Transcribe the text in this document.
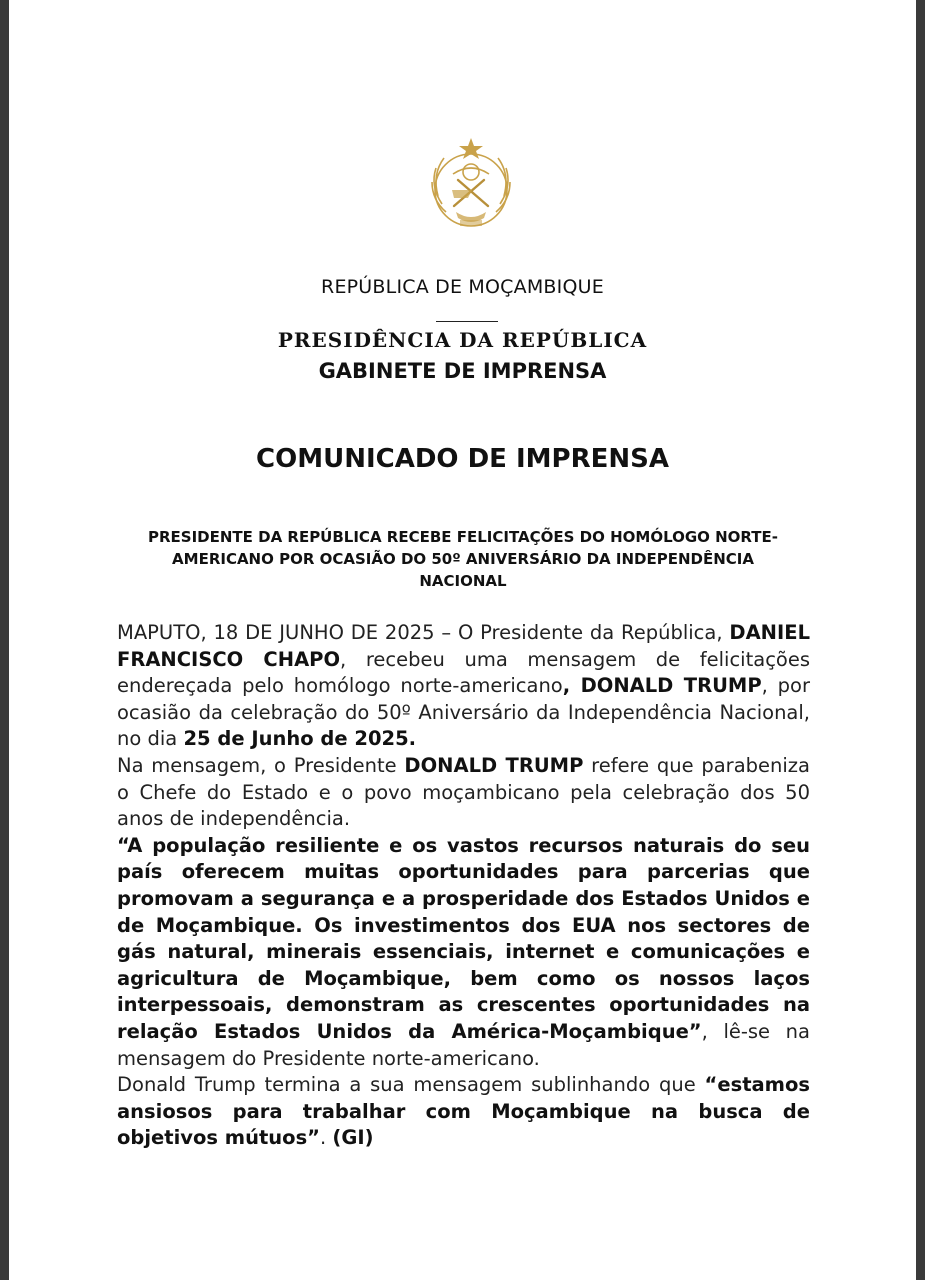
REPÚBLICA DE MOÇAMBIQUE
PRESIDÊNCIA DA REPÚBLICA
GABINETE DE IMPRENSA
COMUNICADO DE IMPRENSA
PRESIDENTE DA REPÚBLICA RECEBE FELICITAÇÕES DO HOMÓLOGO NORTE-AMERICANO POR OCASIÃO DO 50º ANIVERSÁRIO DA INDEPENDÊNCIA NACIONAL

MAPUTO, 18 DE JUNHO DE 2025 – O Presidente da República, DANIEL FRANCISCO CHAPO, recebeu uma mensagem de felicitações endereçada pelo homólogo norte-americano, DONALD TRUMP, por ocasião da celebração do 50º Aniversário da Independência Nacional, no dia 25 de Junho de 2025.

Na mensagem, o Presidente DONALD TRUMP refere que parabeniza o Chefe do Estado e o povo moçambicano pela celebração dos 50 anos de independência.

“A população resiliente e os vastos recursos naturais do seu país oferecem muitas oportunidades para parcerias que promovam a segurança e a prosperidade dos Estados Unidos e de Moçambique. Os investimentos dos EUA nos sectores de gás natural, minerais essenciais, internet e comunicações e agricultura de Moçambique, bem como os nossos laços interpessoais, demonstram as crescentes oportunidades na relação Estados Unidos da América-Moçambique”, lê-se na mensagem do Presidente norte-americano.

Donald Trump termina a sua mensagem sublinhando que “estamos ansiosos para trabalhar com Moçambique na busca de objetivos mútuos”. (GI)
